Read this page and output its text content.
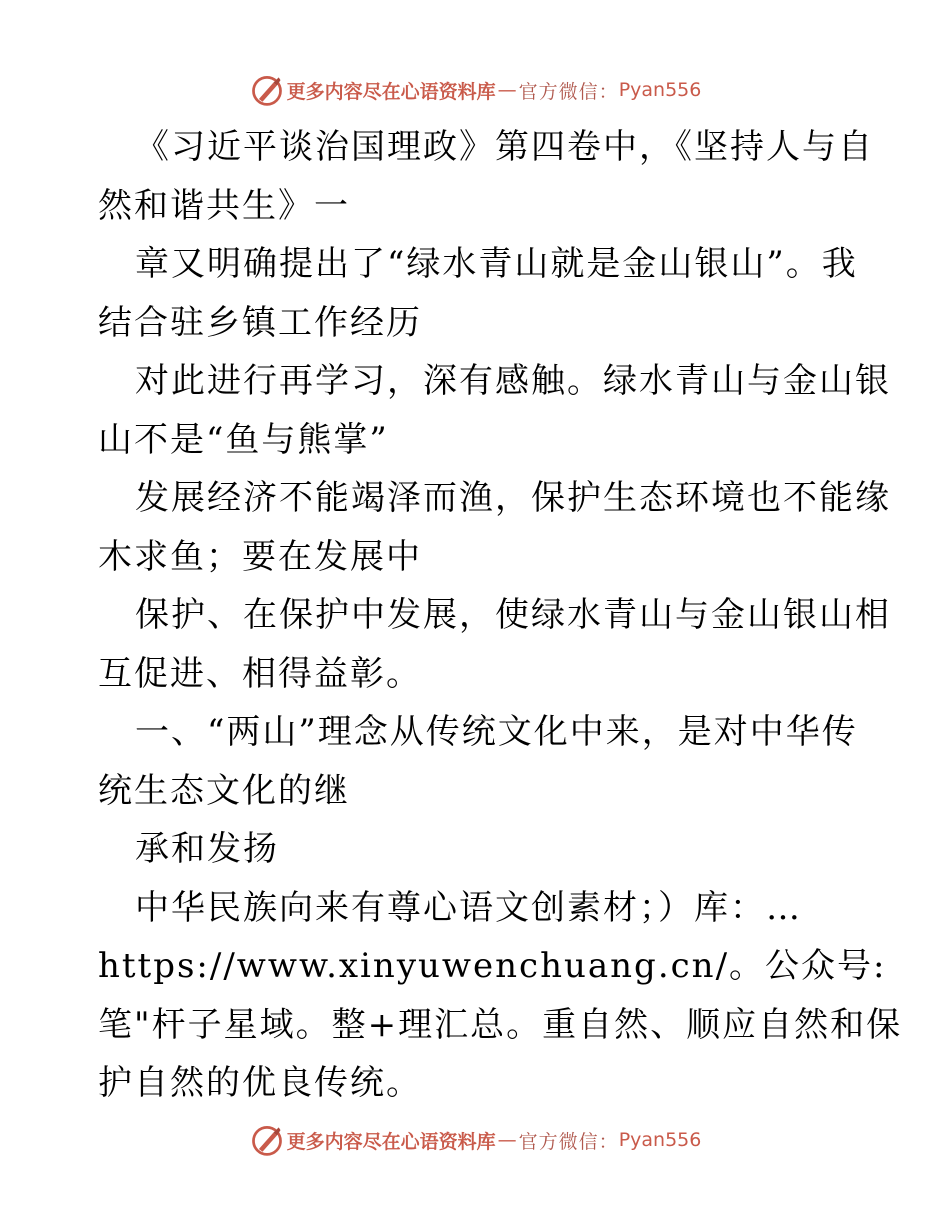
更多内容尽在心语资料库 — 官方微信： Pyan556
《习近平谈治国理政》第四卷中，《坚持人与自
然和谐共生》一
章又明确提出了“绿水青山就是金山银山”。我
结合驻乡镇工作经历
对此进行再学习，深有感触。绿水青山与金山银
山不是“鱼与熊掌”
发展经济不能竭泽而渔，保护生态环境也不能缘
木求鱼；要在发展中
保护、在保护中发展，使绿水青山与金山银山相
互促进、相得益彰。
一、“两山”理念从传统文化中来，是对中华传
统生态文化的继
承和发扬
中华民族向来有尊心语文创素材；）库：…
https://www.xinyuwenchuang.cn/。公众号:
笔"杆子星域。整+理汇总。重自然、顺应自然和保
护自然的优良传统。
更多内容尽在心语资料库 — 官方微信： Pyan556
